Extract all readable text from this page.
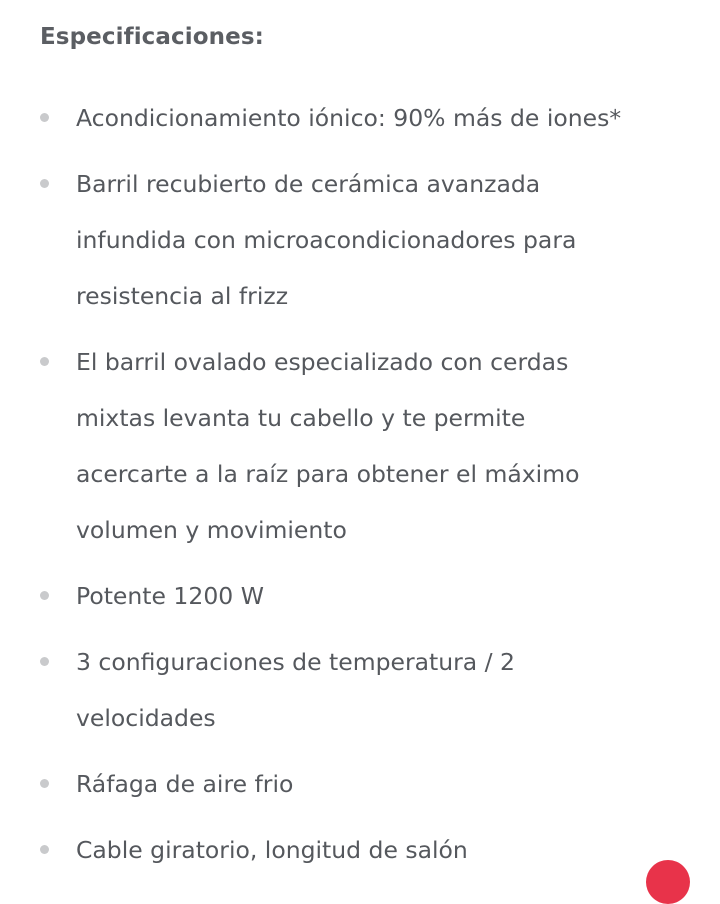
Especificaciones:
Acondicionamiento iónico: 90% más de iones*
Barril recubierto de cerámica avanzada
infundida con microacondicionadores para
resistencia al frizz
El barril ovalado especializado con cerdas
mixtas levanta tu cabello y te permite
acercarte a la raíz para obtener el máximo
volumen y movimiento
Potente 1200 W
3 configuraciones de temperatura / 2
velocidades
Ráfaga de aire frio
Cable giratorio, longitud de salón
